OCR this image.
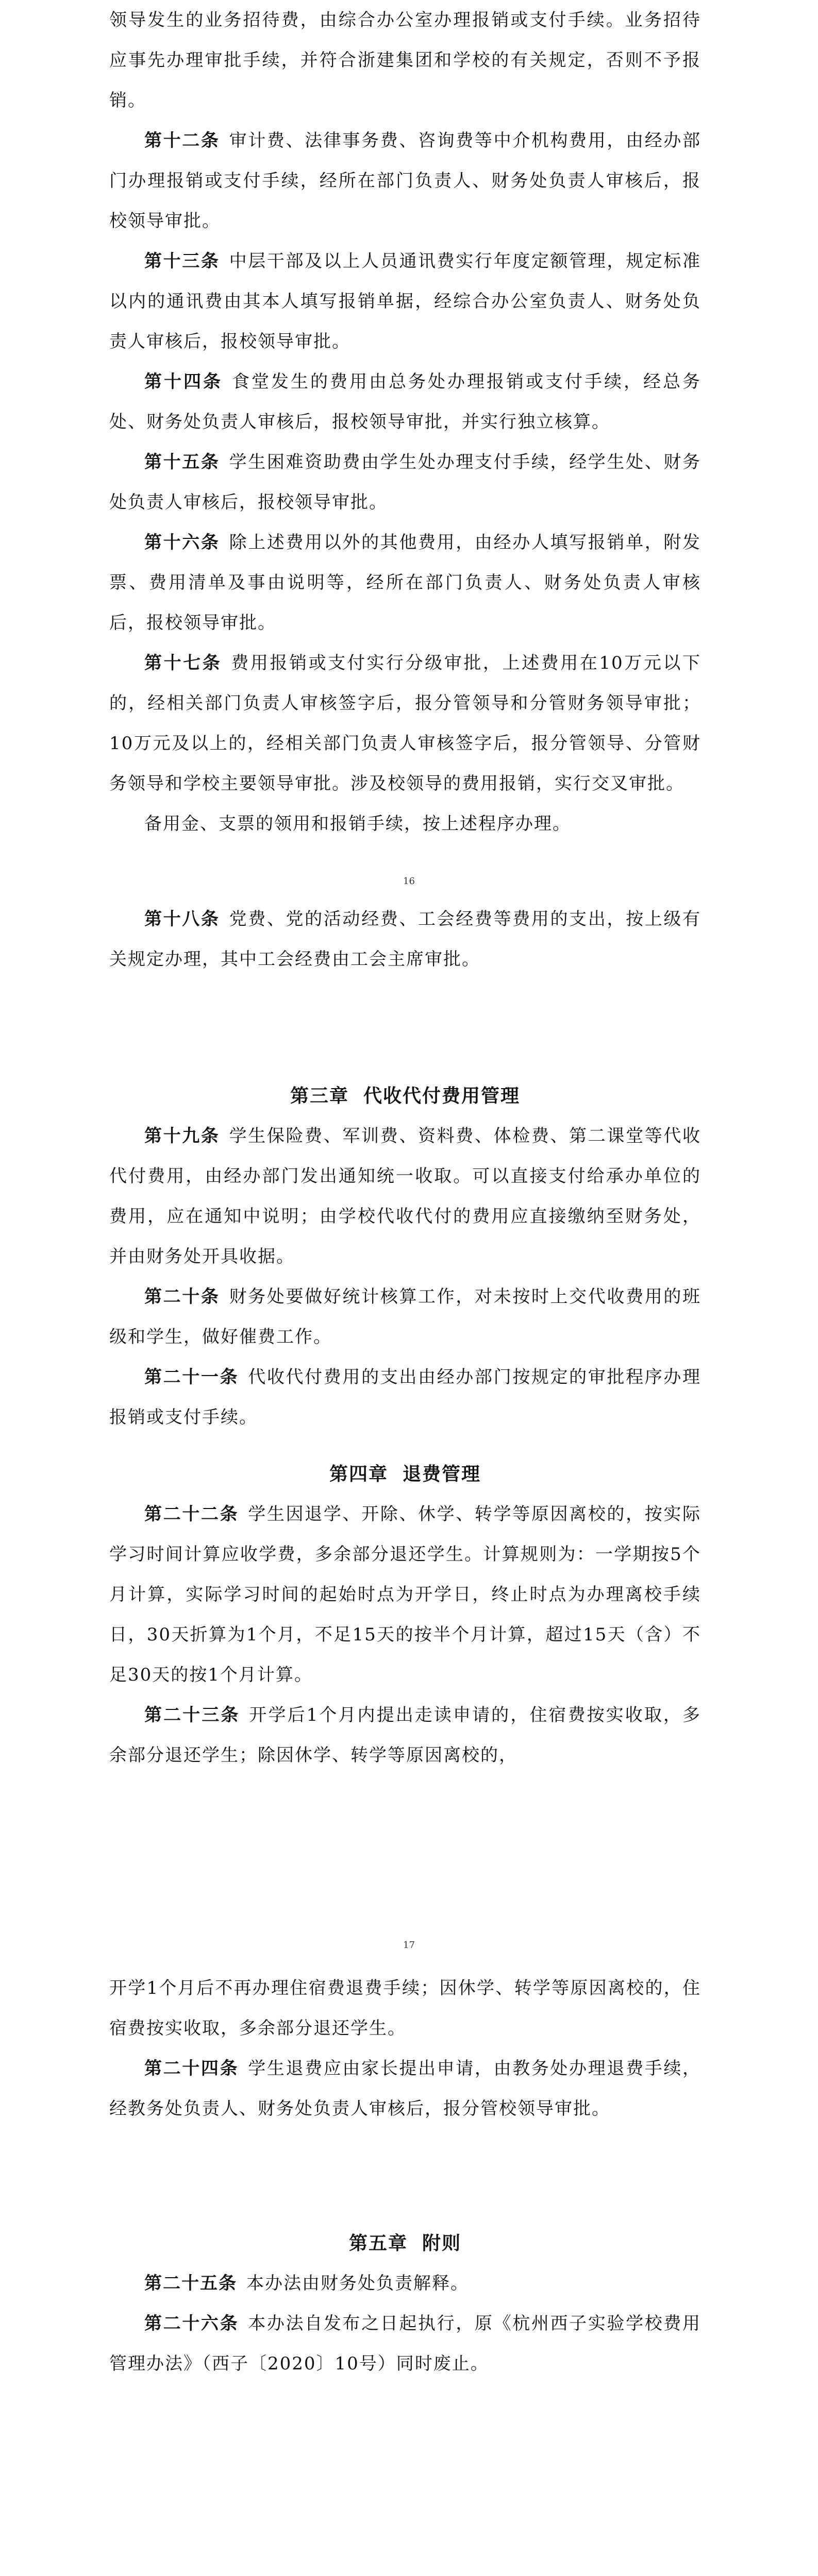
领导发生的业务招待费，由综合办公室办理报销或支付手续。业务招待应事先办理审批手续，并符合浙建集团和学校的有关规定，否则不予报销。

第十二条 审计费、法律事务费、咨询费等中介机构费用，由经办部门办理报销或支付手续，经所在部门负责人、财务处负责人审核后，报校领导审批。

第十三条 中层干部及以上人员通讯费实行年度定额管理，规定标准以内的通讯费由其本人填写报销单据，经综合办公室负责人、财务处负责人审核后，报校领导审批。

第十四条 食堂发生的费用由总务处办理报销或支付手续，经总务处、财务处负责人审核后，报校领导审批，并实行独立核算。

第十五条 学生困难资助费由学生处办理支付手续，经学生处、财务处负责人审核后，报校领导审批。

第十六条 除上述费用以外的其他费用，由经办人填写报销单，附发票、费用清单及事由说明等，经所在部门负责人、财务处负责人审核后，报校领导审批。

第十七条 费用报销或支付实行分级审批，上述费用在10万元以下的，经相关部门负责人审核签字后，报分管领导和分管财务领导审批；10万元及以上的，经相关部门负责人审核签字后，报分管领导、分管财务领导和学校主要领导审批。涉及校领导的费用报销，实行交叉审批。

备用金、支票的领用和报销手续，按上述程序办理。

16

第十八条 党费、党的活动经费、工会经费等费用的支出，按上级有关规定办理，其中工会经费由工会主席审批。

第三章 代收代付费用管理

第十九条 学生保险费、军训费、资料费、体检费、第二课堂等代收代付费用，由经办部门发出通知统一收取。可以直接支付给承办单位的费用，应在通知中说明；由学校代收代付的费用应直接缴纳至财务处，并由财务处开具收据。

第二十条 财务处要做好统计核算工作，对未按时上交代收费用的班级和学生，做好催费工作。

第二十一条 代收代付费用的支出由经办部门按规定的审批程序办理报销或支付手续。

第四章 退费管理

第二十二条 学生因退学、开除、休学、转学等原因离校的，按实际学习时间计算应收学费，多余部分退还学生。计算规则为：一学期按5个月计算，实际学习时间的起始时点为开学日，终止时点为办理离校手续日，30天折算为1个月，不足15天的按半个月计算，超过15天（含）不足30天的按1个月计算。

第二十三条 开学后1个月内提出走读申请的，住宿费按实收取，多余部分退还学生；除因休学、转学等原因离校的，

17

开学1个月后不再办理住宿费退费手续；因休学、转学等原因离校的，住宿费按实收取，多余部分退还学生。

第二十四条 学生退费应由家长提出申请，由教务处办理退费手续，经教务处负责人、财务处负责人审核后，报分管校领导审批。

第五章 附则

第二十五条 本办法由财务处负责解释。

第二十六条 本办法自发布之日起执行，原《杭州西子实验学校费用管理办法》（西子〔2020〕10号）同时废止。
